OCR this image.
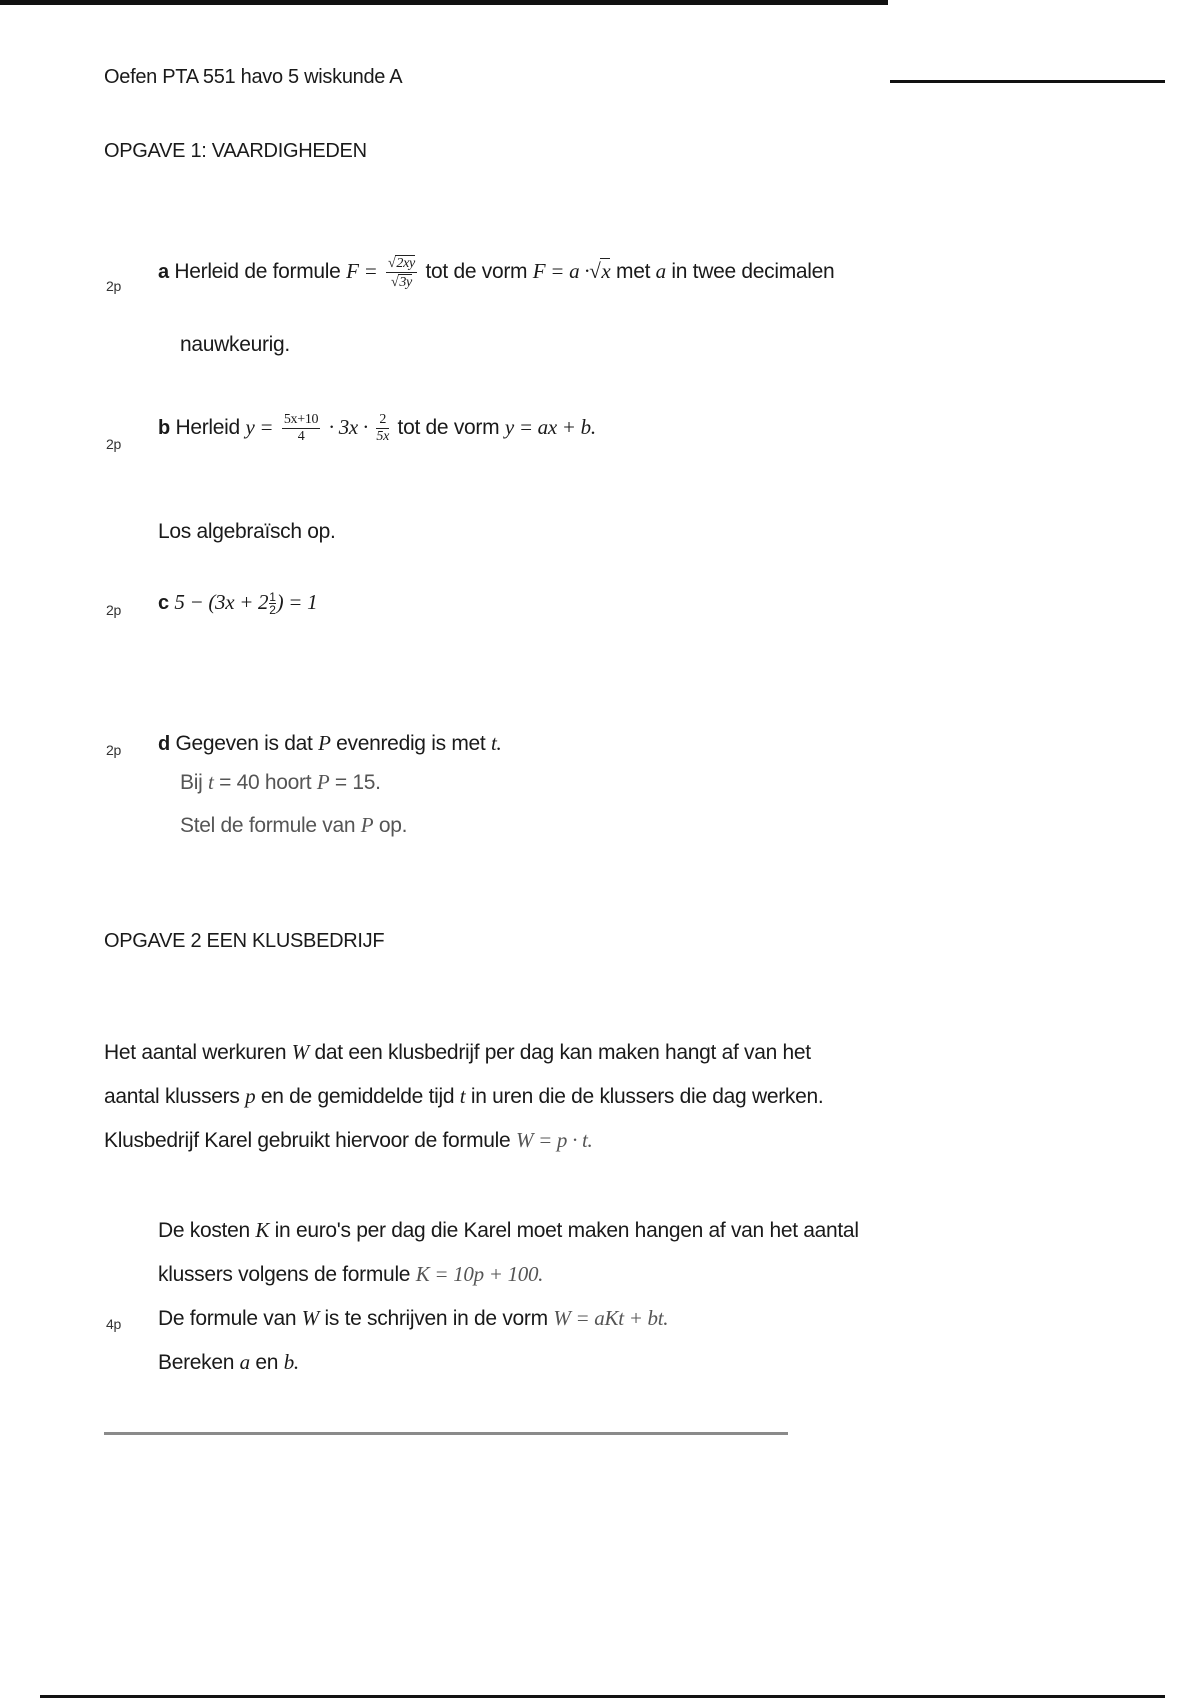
Oefen PTA 551 havo 5 wiskunde A
OPGAVE 1: VAARDIGHEDEN
2p
a Herleid de formule $F = \frac{√2xy}{√3y}$ tot de vorm F = a ·√x met a in twee decimalen
nauwkeurig.
2p
b Herleid $y = \frac{5x+10}{4} \cdot 3x \cdot \frac{2}{5x}$ tot de vorm y = ax + b.
Los algebraïsch op.
2p c $5 - (3x + 2 \frac{1}{2}) = 1$
2p d Gegeven is dat P evenredig is met t.
Bij t = 40 hoort P = 15.
Stel de formule van P op.
OPGAVE 2 EEN KLUSBEDRIJF
Het aantal werkuren W dat een klusbedrijf per dag kan maken hangt af van het
aantal klussers p en de gemiddelde tijd t in uren die de klussers die dag werken.
Klusbedrijf Karel gebruikt hiervoor de formule W = p · t.
De kosten K in euro's per dag die Karel moet maken hangen af van het aantal
klussers volgens de formule K = 10p + 100.
4p De formule van W is te schrijven in de vorm W = aKt + bt.
Bereken a en b.
